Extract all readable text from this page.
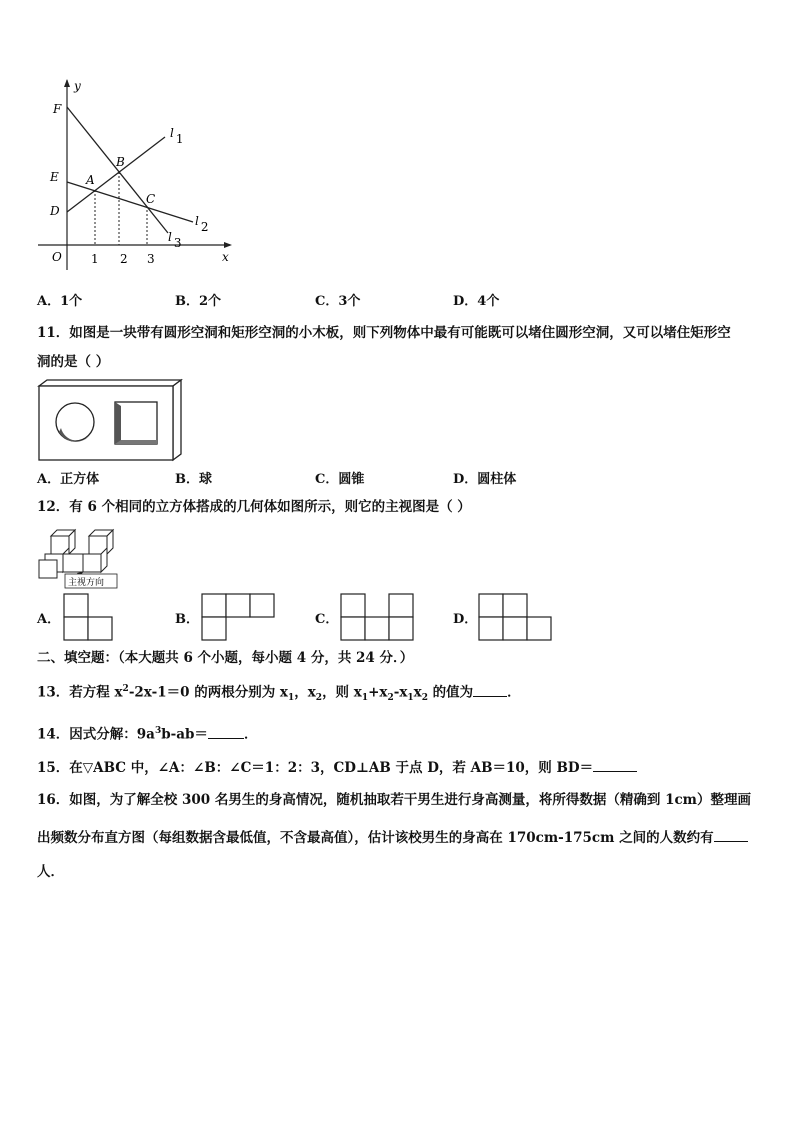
y
x
O
F
E
D
A
B
C
l 1
l 2
l 3
1 2 3
A．1个	B．2个	C．3个	D．4个
11．如图是一块带有圆形空洞和矩形空洞的小木板，则下列物体中最有可能既可以堵住圆形空洞，又可以堵住矩形空
洞的是（ ）
A．正方体	B．球	C．圆锥	D．圆柱体
12．有 6 个相同的立方体搭成的几何体如图所示，则它的主视图是（ ）
主视方向
A．	B．	C．	D．
二、填空题：（本大题共 6 个小题，每小题 4 分，共 24 分．）
13．若方程 $x^2-2x-1=0$ 的两根分别为 $x_1$，$x_2$，则 $x_1+x_2-x_1x_2$ 的值为	．
14．因式分解：$9a^3b-ab=$	．
15．在▽ABC 中，∠A：∠B：∠C＝1：2：3，CD⊥AB 于点 D，若 AB＝10，则 BD＝
16．如图，为了解全校 300 名男生的身高情况，随机抽取若干男生进行身高测量，将所得数据（精确到 1cm）整理画
出频数分布直方图（每组数据含最低值，不含最高值），估计该校男生的身高在 170cm-175cm 之间的人数约有
人．
